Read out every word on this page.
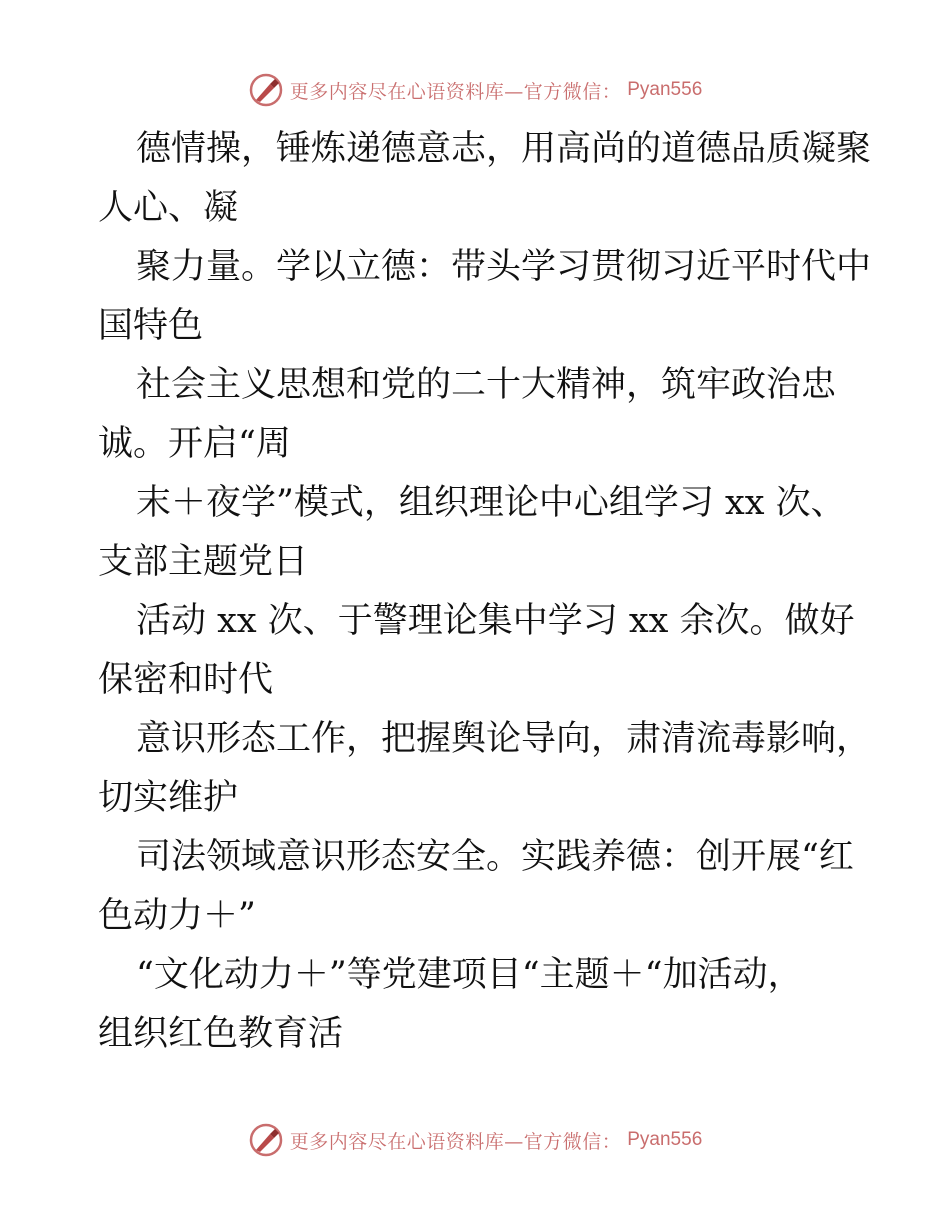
更多内容尽在心语资料库—官方微信： Pyan556
德情操，锤炼递德意志，用高尚的道德品质凝聚
人心、凝
聚力量。学以立德：带头学习贯彻习近平时代中
国特色
社会主义思想和党的二十大精神，筑牢政治忠
诚。开启“周
末＋夜学”模式，组织理论中心组学习 xx 次、
支部主题党日
活动 xx 次、于警理论集中学习 xx 余次。做好
保密和时代
意识形态工作，把握舆论导向，肃清流毒影响，
切实维护
司法领域意识形态安全。实践养德：创开展“红
色动力＋”
“文化动力＋”等党建项目“主题＋“加活动，
组织红色教育活
更多内容尽在心语资料库—官方微信： Pyan556
